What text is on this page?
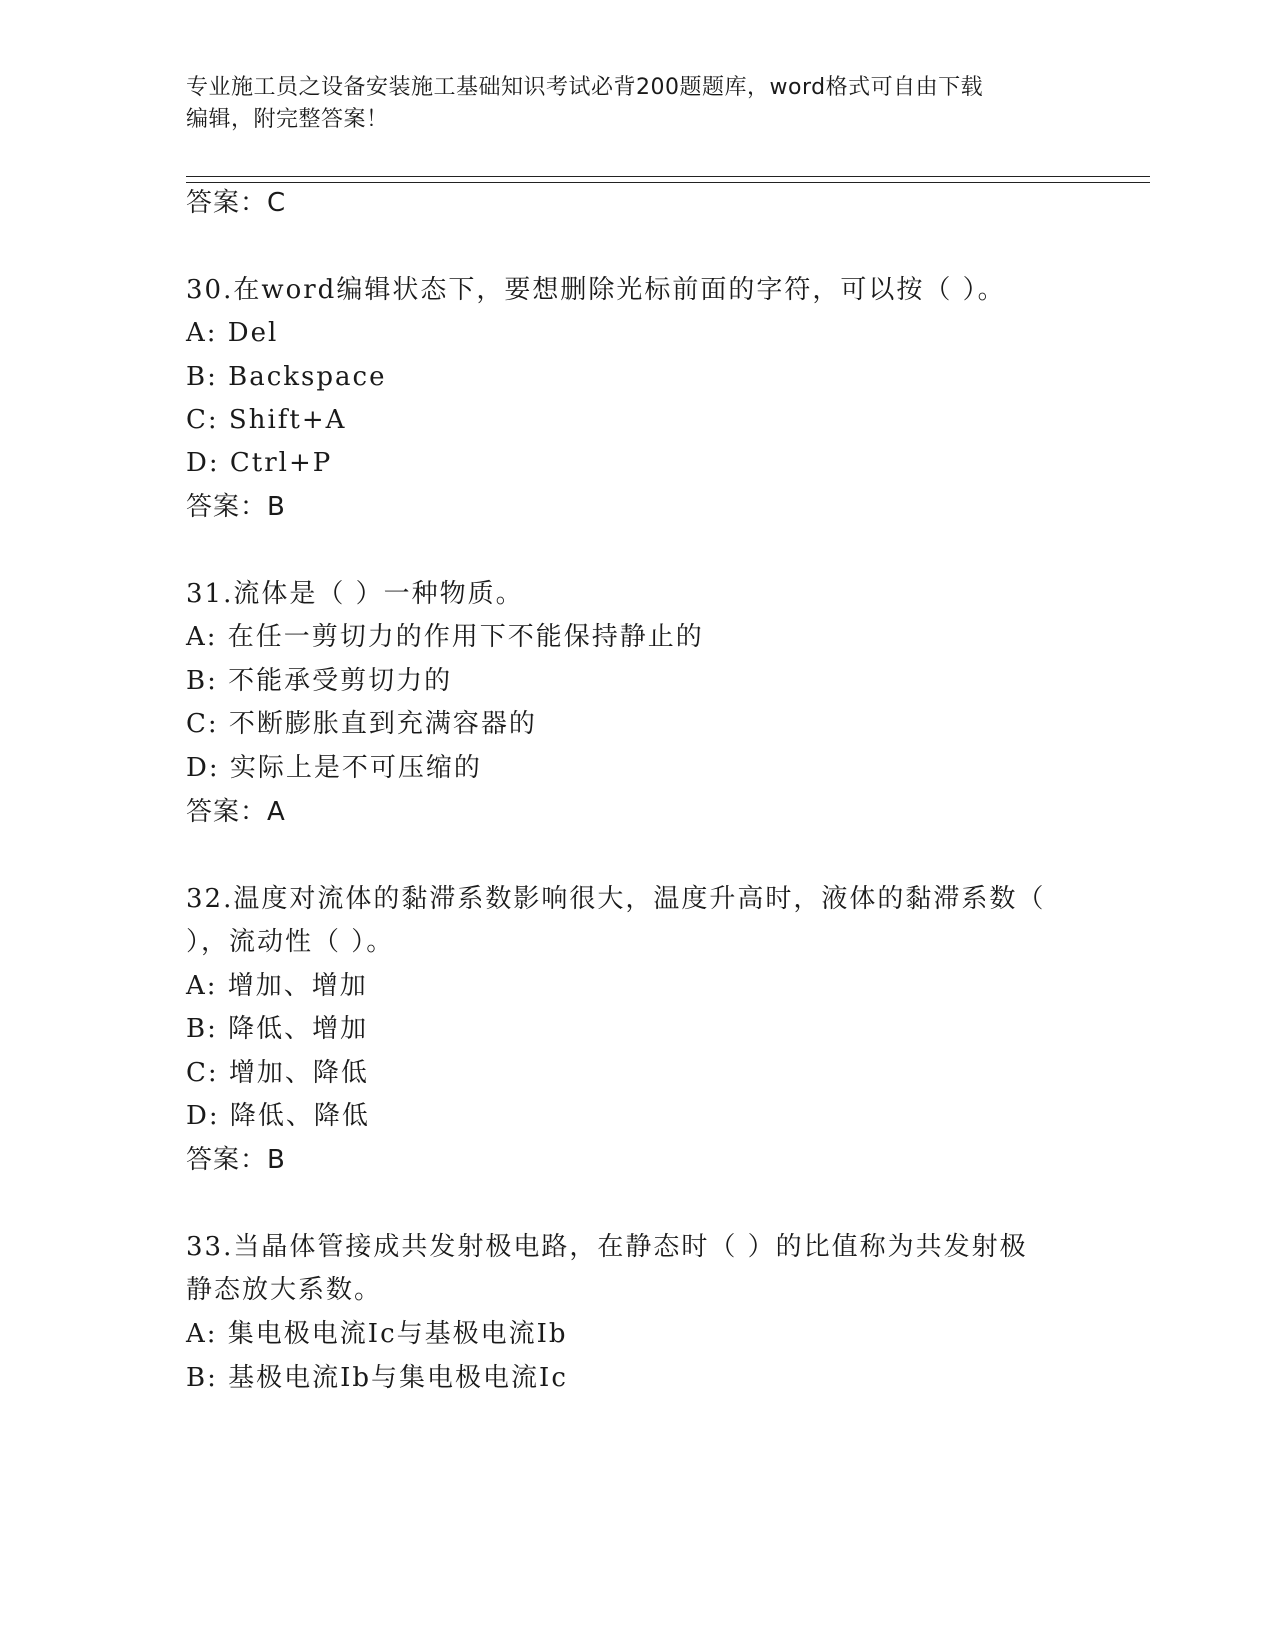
专业施工员之设备安装施工基础知识考试必背200题题库，word格式可自由下载
编辑，附完整答案！
答案：C
30.在word编辑状态下，要想删除光标前面的字符，可以按（ ）。
A: Del
B: Backspace
C: Shift+A
D: Ctrl+P
答案：B
31.流体是（ ）一种物质。
A: 在任一剪切力的作用下不能保持静止的
B: 不能承受剪切力的
C: 不断膨胀直到充满容器的
D: 实际上是不可压缩的
答案：A
32.温度对流体的黏滞系数影响很大，温度升高时，液体的黏滞系数（
），流动性（ ）。
A: 增加、增加
B: 降低、增加
C: 增加、降低
D: 降低、降低
答案：B
33.当晶体管接成共发射极电路，在静态时（ ）的比值称为共发射极
静态放大系数。
A: 集电极电流Ic与基极电流Ib
B: 基极电流Ib与集电极电流Ic
